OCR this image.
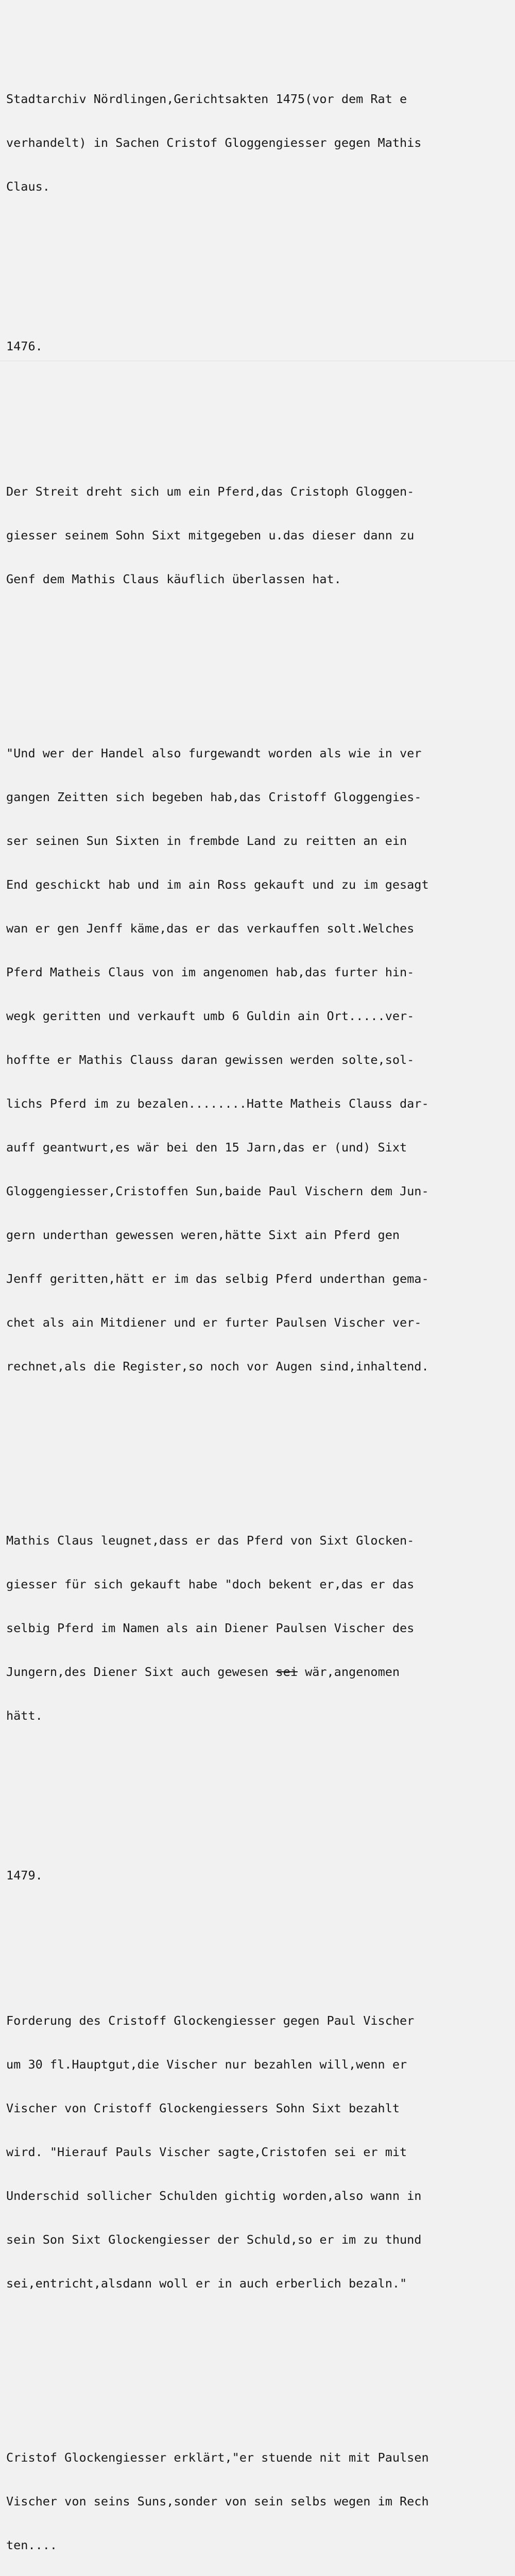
Stadtarchiv Nördlingen,Gerichtsakten 1475(vor dem Rat e

verhandelt) in Sachen Cristof Gloggengiesser gegen Mathis

Claus.

1476.

Der Streit dreht sich um ein Pferd,das Cristoph Gloggen-

giesser seinem Sohn Sixt mitgegeben u.das dieser dann zu

Genf dem Mathis Claus käuflich überlassen hat.

"Und wer der Handel also furgewandt worden als wie in ver

gangen Zeitten sich begeben hab,das Cristoff Gloggengies-

ser seinen Sun Sixten in frembde Land zu reitten an ein

End geschickt hab und im ain Ross gekauft und zu im gesagt

wan er gen Jenff käme,das er das verkauffen solt.Welches

Pferd Matheis Claus von im angenomen hab,das furter hin-

wegk geritten und verkauft umb 6 Guldin ain Ort.....ver-

hoffte er Mathis Clauss daran gewissen werden solte,sol-

lichs Pferd im zu bezalen........Hatte Matheis Clauss dar-

auff geantwurt,es wär bei den 15 Jarn,das er (und) Sixt

Gloggengiesser,Cristoffen Sun,baide Paul Vischern dem Jun-

gern underthan gewessen weren,hätte Sixt ain Pferd gen

Jenff geritten,hätt er im das selbig Pferd underthan gema-

chet als ain Mitdiener und er furter Paulsen Vischer ver-

rechnet,als die Register,so noch vor Augen sind,inhaltend.

Mathis Claus leugnet,dass er das Pferd von Sixt Glocken-

giesser für sich gekauft habe "doch bekent er,das er das

selbig Pferd im Namen als ain Diener Paulsen Vischer des

Jungern,des Diener Sixt auch gewesen sei wär,angenomen

hätt.

1479.

Forderung des Cristoff Glockengiesser gegen Paul Vischer

um 30 fl.Hauptgut,die Vischer nur bezahlen will,wenn er

Vischer von Cristoff Glockengiessers Sohn Sixt bezahlt

wird. "Hierauf Pauls Vischer sagte,Cristofen sei er mit

Underschid sollicher Schulden gichtig worden,also wann in

sein Son Sixt Glockengiesser der Schuld,so er im zu thund

sei,entricht,alsdann woll er in auch erberlich bezaln."

Cristof Glockengiesser erklärt,"er stuende nit mit Paulsen

Vischer von seins Suns,sonder von sein selbs wegen im Rech

ten....
